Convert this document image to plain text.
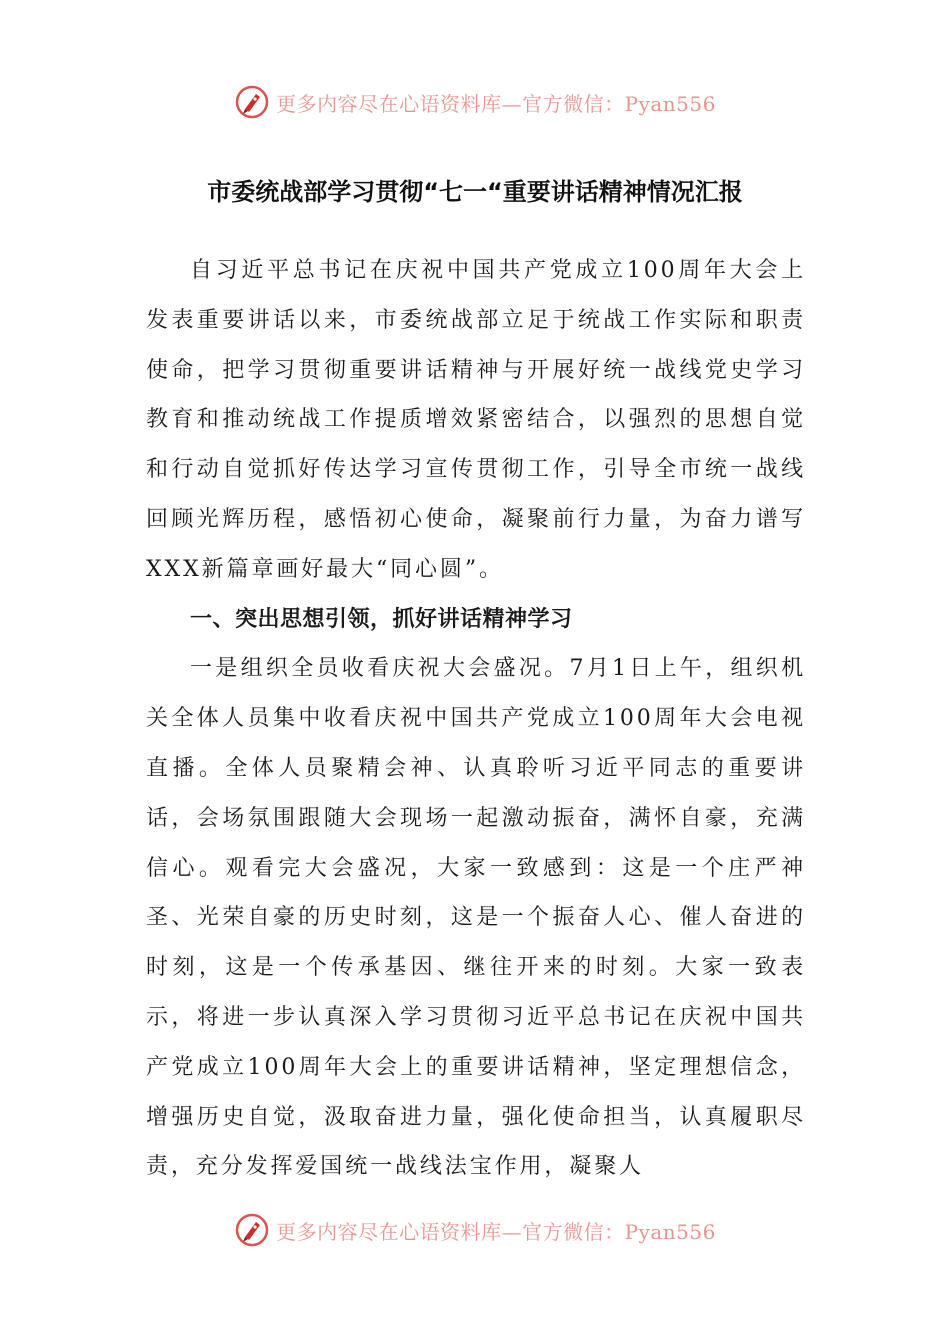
更多内容尽在心语资料库—官方微信：Pyan556
市委统战部学习贯彻“七一“重要讲话精神情况汇报

自习近平总书记在庆祝中国共产党成立100周年大会上发表重要讲话以来，市委统战部立足于统战工作实际和职责使命，把学习贯彻重要讲话精神与开展好统一战线党史学习教育和推动统战工作提质增效紧密结合，以强烈的思想自觉和行动自觉抓好传达学习宣传贯彻工作，引导全市统一战线回顾光辉历程，感悟初心使命，凝聚前行力量，为奋力谱写XXX新篇章画好最大“同心圆”。

一、突出思想引领，抓好讲话精神学习

一是组织全员收看庆祝大会盛况。7月1日上午，组织机关全体人员集中收看庆祝中国共产党成立100周年大会电视直播。全体人员聚精会神、认真聆听习近平同志的重要讲话，会场氛围跟随大会现场一起激动振奋，满怀自豪，充满信心。观看完大会盛况，大家一致感到：这是一个庄严神圣、光荣自豪的历史时刻，这是一个振奋人心、催人奋进的时刻，这是一个传承基因、继往开来的时刻。大家一致表示，将进一步认真深入学习贯彻习近平总书记在庆祝中国共产党成立100周年大会上的重要讲话精神，坚定理想信念，增强历史自觉，汲取奋进力量，强化使命担当，认真履职尽责，充分发挥爱国统一战线法宝作用，凝聚人

更多内容尽在心语资料库—官方微信：Pyan556
